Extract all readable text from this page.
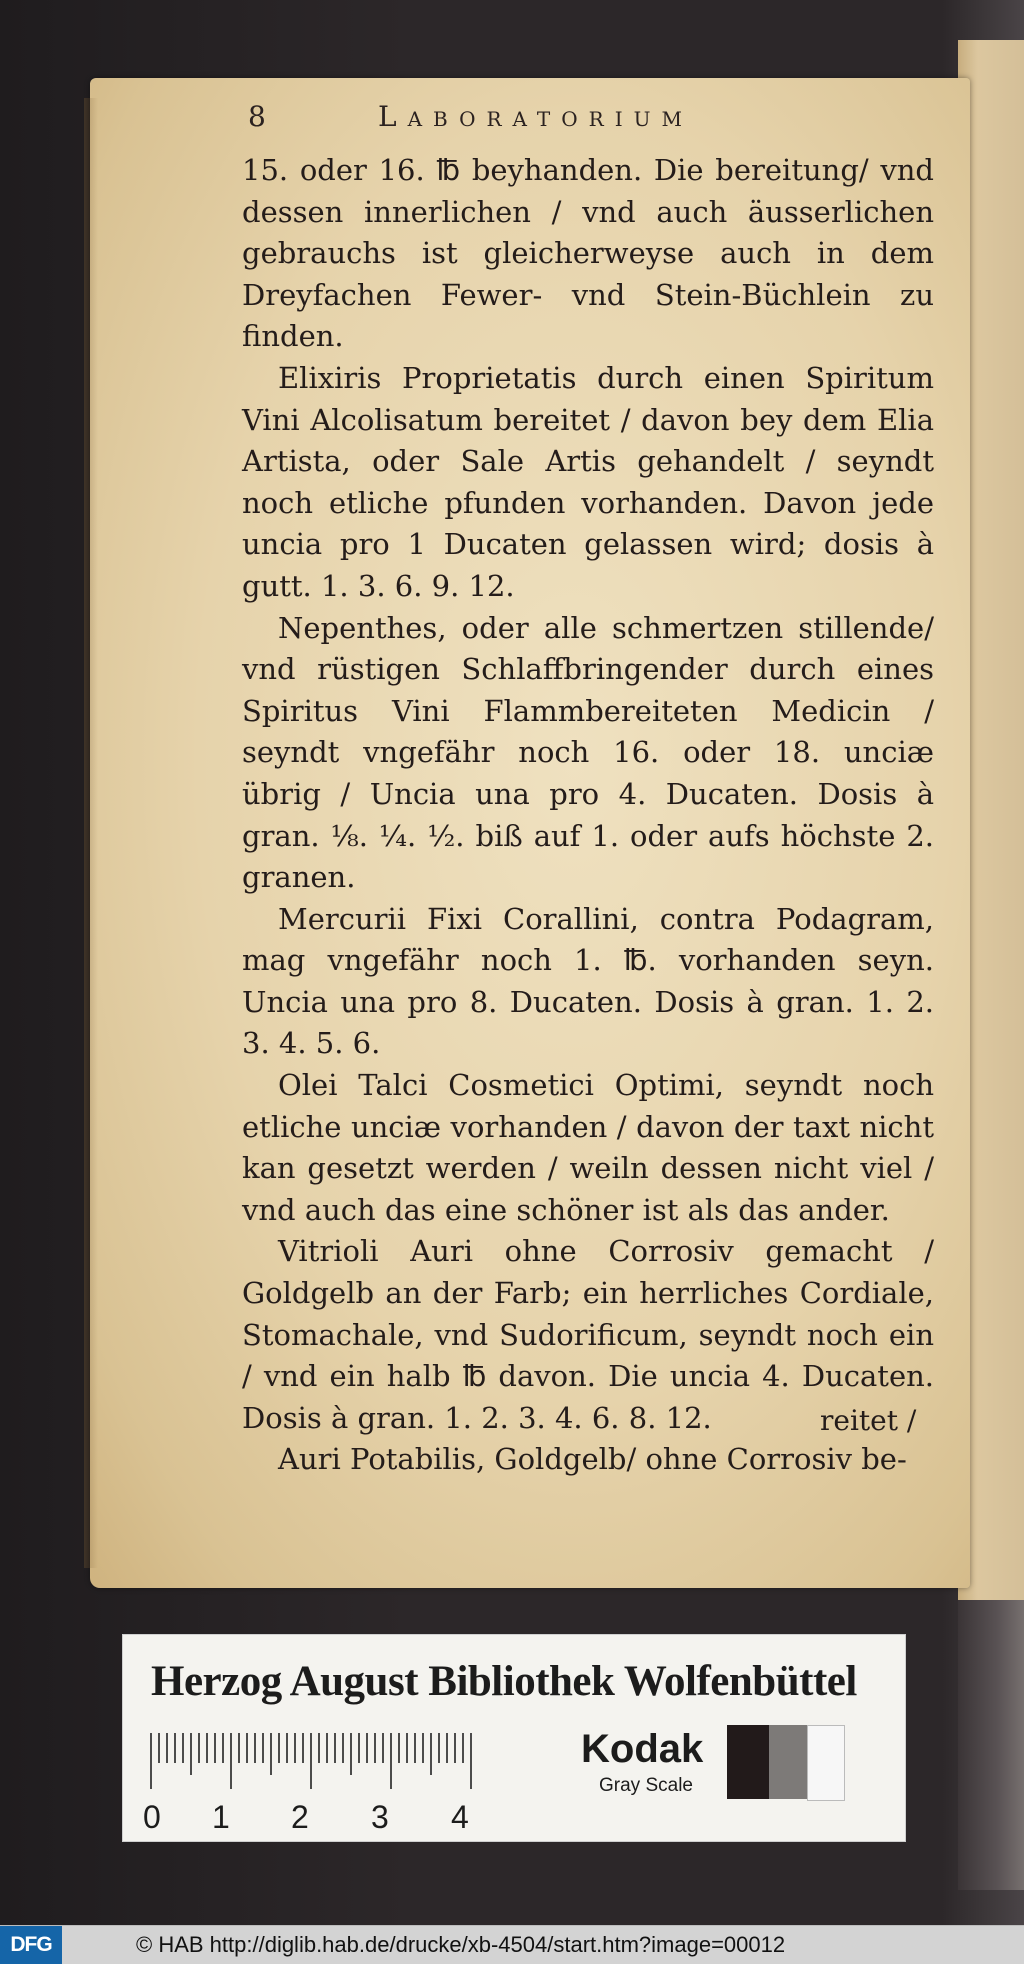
8	Laboratorium

15. oder 16. ℔ beyhanden. Die bereitung/ vnd dessen innerlichen / vnd auch äusserlichen gebrauchs ist gleicherweyse auch in dem Dreyfachen Fewer- vnd Stein-Büchlein zu finden.

Elixiris Proprietatis durch einen Spiritum Vini Alcolisatum bereitet / davon bey dem Elia Artista, oder Sale Artis gehandelt / seyndt noch etliche pfunden vorhanden. Davon jede uncia pro 1 Ducaten gelassen wird; dosis à gutt. 1. 3. 6. 9. 12.

Nepenthes, oder alle schmertzen stillende/ vnd rüstigen Schlaffbringender durch eines Spiritus Vini Flammbereiteten Medicin / seyndt vngefähr noch 16. oder 18. unciæ übrig / Uncia una pro 4. Ducaten. Dosis à gran. ⅛. ¼. ½. biß auf 1. oder aufs höchste 2. granen.

Mercurii Fixi Corallini, contra Podagram, mag vngefähr noch 1. ℔. vorhanden seyn. Uncia una pro 8. Ducaten. Dosis à gran. 1. 2. 3. 4. 5. 6.

Olei Talci Cosmetici Optimi, seyndt noch etliche unciæ vorhanden / davon der taxt nicht kan gesetzt werden / weiln dessen nicht viel / vnd auch das eine schöner ist als das ander.

Vitrioli Auri ohne Corrosiv gemacht / Goldgelb an der Farb; ein herrliches Cordiale, Stomachale, vnd Sudorificum, seyndt noch ein / vnd ein halb ℔ davon. Die uncia 4. Ducaten. Dosis à gran. 1. 2. 3. 4. 6. 8. 12.

Auri Potabilis, Goldgelb/ ohne Corrosiv be-

reitet /
Herzog August Bibliothek Wolfenbüttel
0 1 2 3 4
Kodak
Gray Scale
DFG	© HAB http://diglib.hab.de/drucke/xb-4504/start.htm?image=00012
